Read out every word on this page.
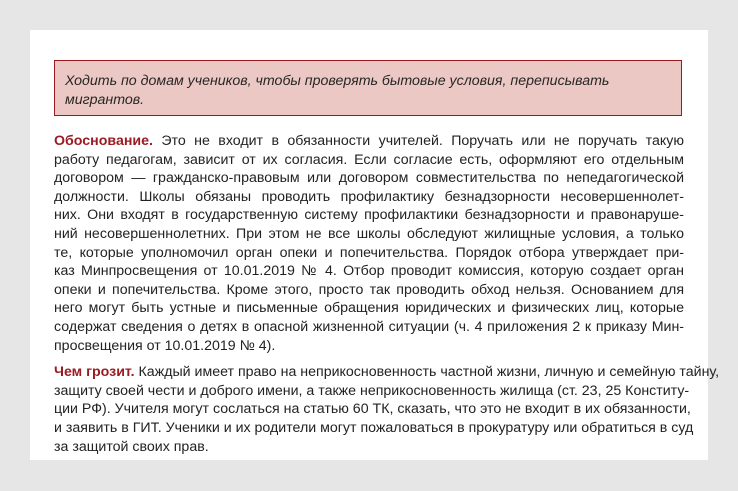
Ходить по домам учеников, чтобы проверять бытовые условия, переписывать мигрантов.

Обоснование. Это не входит в обязанности учителей. Поручать или не поручать такую
работу педагогам, зависит от их согласия. Если согласие есть, оформляют его отдельным
договором — гражданско-правовым или договором совместительства по непедагогической
должности. Школы обязаны проводить профилактику безнадзорности несовершеннолет-
них. Они входят в государственную систему профилактики безнадзорности и правонаруше-
ний несовершеннолетних. При этом не все школы обследуют жилищные условия, а только
те, которые уполномочил орган опеки и попечительства. Порядок отбора утверждает при-
каз Минпросвещения от 10.01.2019 № 4. Отбор проводит комиссия, которую создает орган
опеки и попечительства. Кроме этого, просто так проводить обход нельзя. Основанием для
него могут быть устные и письменные обращения юридических и физических лиц, которые
содержат сведения о детях в опасной жизненной ситуации (ч. 4 приложения 2 к приказу Мин-
просвещения от 10.01.2019 № 4).

Чем грозит. Каждый имеет право на неприкосновенность частной жизни, личную и семейную тайну,
защиту своей чести и доброго имени, а также неприкосновенность жилища (ст. 23, 25 Конститу-
ции РФ). Учителя могут сослаться на статью 60 ТК, сказать, что это не входит в их обязанности,
и заявить в ГИТ. Ученики и их родители могут пожаловаться в прокуратуру или обратиться в суд
за защитой своих прав.
